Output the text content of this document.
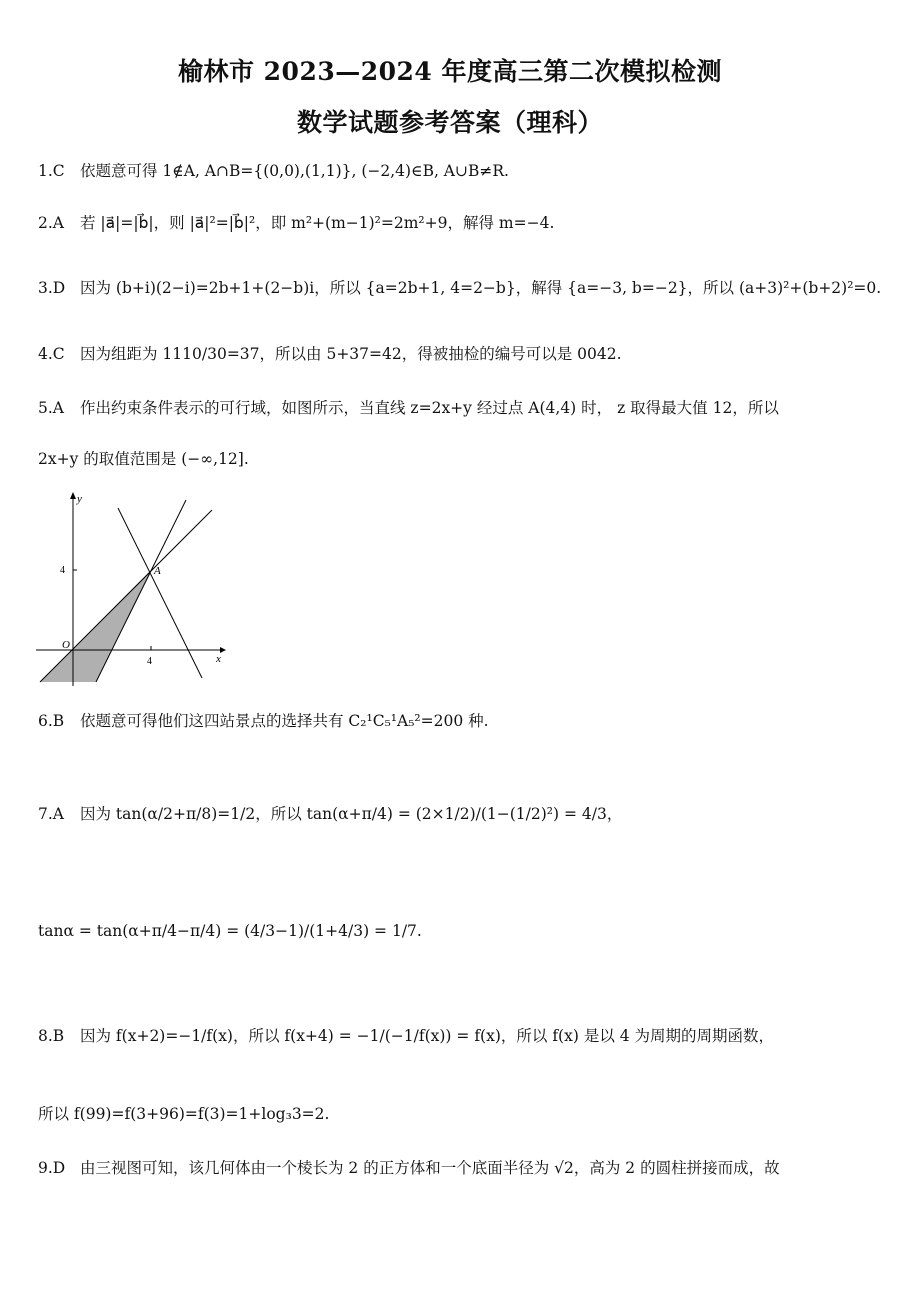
榆林市 2023—2024 年度高三第二次模拟检测
数学试题参考答案（理科）
1.C 依题意可得 1∉A, A∩B={(0,0),(1,1)}, (−2,4)∈B, A∪B≠R.
2.A 若 |a⃗|=|b⃗|，则 |a⃗|²=|b⃗|²，即 m²+(m−1)²=2m²+9，解得 m=−4.
3.D 因为 (b+i)(2−i)=2b+1+(2−b)i，所以 {a=2b+1, 4=2−b}，解得 {a=−3, b=−2}，所以 (a+3)²+(b+2)²=0.
4.C 因为组距为 1110/30=37，所以由 5+37=42，得被抽检的编号可以是 0042.
5.A 作出约束条件表示的可行域，如图所示，当直线 z=2x+y 经过点 A(4,4) 时， z 取得最大值 12，所以
2x+y 的取值范围是 (−∞,12].
y
x
O
A
4
4
6.B 依题意可得他们这四站景点的选择共有 C₂¹C₅¹A₅²=200 种.
7.A 因为 tan(α/2+π/8)=1/2，所以 tan(α+π/4) = (2×1/2)/(1−(1/2)²) = 4/3，
tanα = tan(α+π/4−π/4) = (4/3−1)/(1+4/3) = 1/7.
8.B 因为 f(x+2)=−1/f(x)，所以 f(x+4) = −1/(−1/f(x)) = f(x)，所以 f(x) 是以 4 为周期的周期函数，
所以 f(99)=f(3+96)=f(3)=1+log₃3=2.
9.D 由三视图可知，该几何体由一个棱长为 2 的正方体和一个底面半径为 √2，高为 2 的圆柱拼接而成，故
